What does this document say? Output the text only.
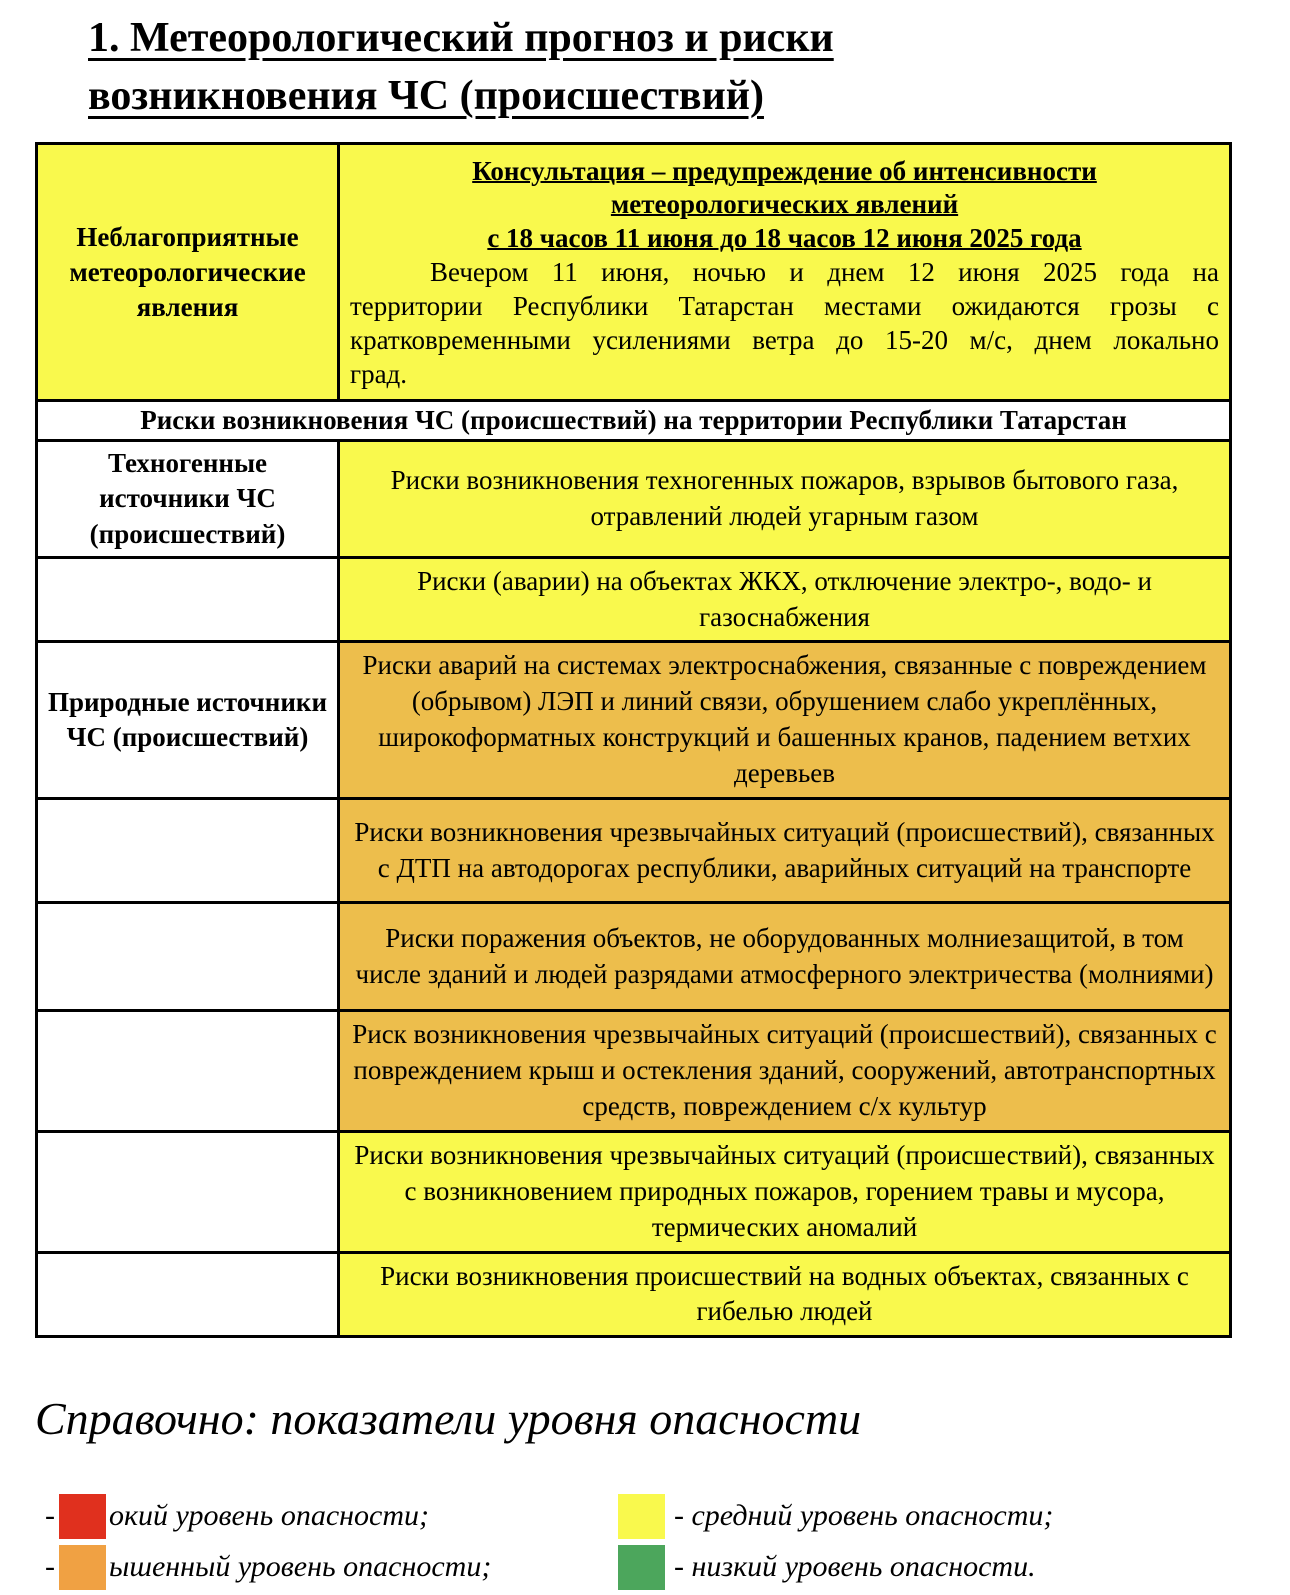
1. Метеорологический прогноз и риски возникновения ЧС (происшествий)
Неблагоприятные метеорологические явления
Консультация – предупреждение об интенсивности
метеорологических явлений
с 18 часов 11 июня до 18 часов 12 июня 2025 года
Вечером 11 июня, ночью и днем 12 июня 2025 года на
территории Республики Татарстан местами ожидаются грозы с
кратковременными усилениями ветра до 15-20 м/с, днем локально
град.
Риски возникновения ЧС (происшествий) на территории Республики Татарстан
Техногенные источники ЧС (происшествий)
Риски возникновения техногенных пожаров, взрывов бытового газа, отравлений людей угарным газом
Риски (аварии) на объектах ЖКХ, отключение электро-, водо- и газоснабжения
Природные источники ЧС (происшествий)
Риски аварий на системах электроснабжения, связанные с повреждением (обрывом) ЛЭП и линий связи, обрушением слабо укреплённых, широкоформатных конструкций и башенных кранов, падением ветхих деревьев
Риски возникновения чрезвычайных ситуаций (происшествий), связанных с ДТП на автодорогах республики, аварийных ситуаций на транспорте
Риски поражения объектов, не оборудованных молниезащитой, в том числе зданий и людей разрядами атмосферного электричества (молниями)
Риск возникновения чрезвычайных ситуаций (происшествий), связанных с повреждением крыш и остекления зданий, сооружений, автотранспортных средств, повреждением с/х культур
Риски возникновения чрезвычайных ситуаций (происшествий), связанных с возникновением природных пожаров, горением травы и мусора, термических аномалий
Риски возникновения происшествий на водных объектах, связанных с гибелью людей
Справочно: показатели уровня опасности
- окий уровень опасности;
- ышенный уровень опасности;
- средний уровень опасности;
- низкий уровень опасности.
